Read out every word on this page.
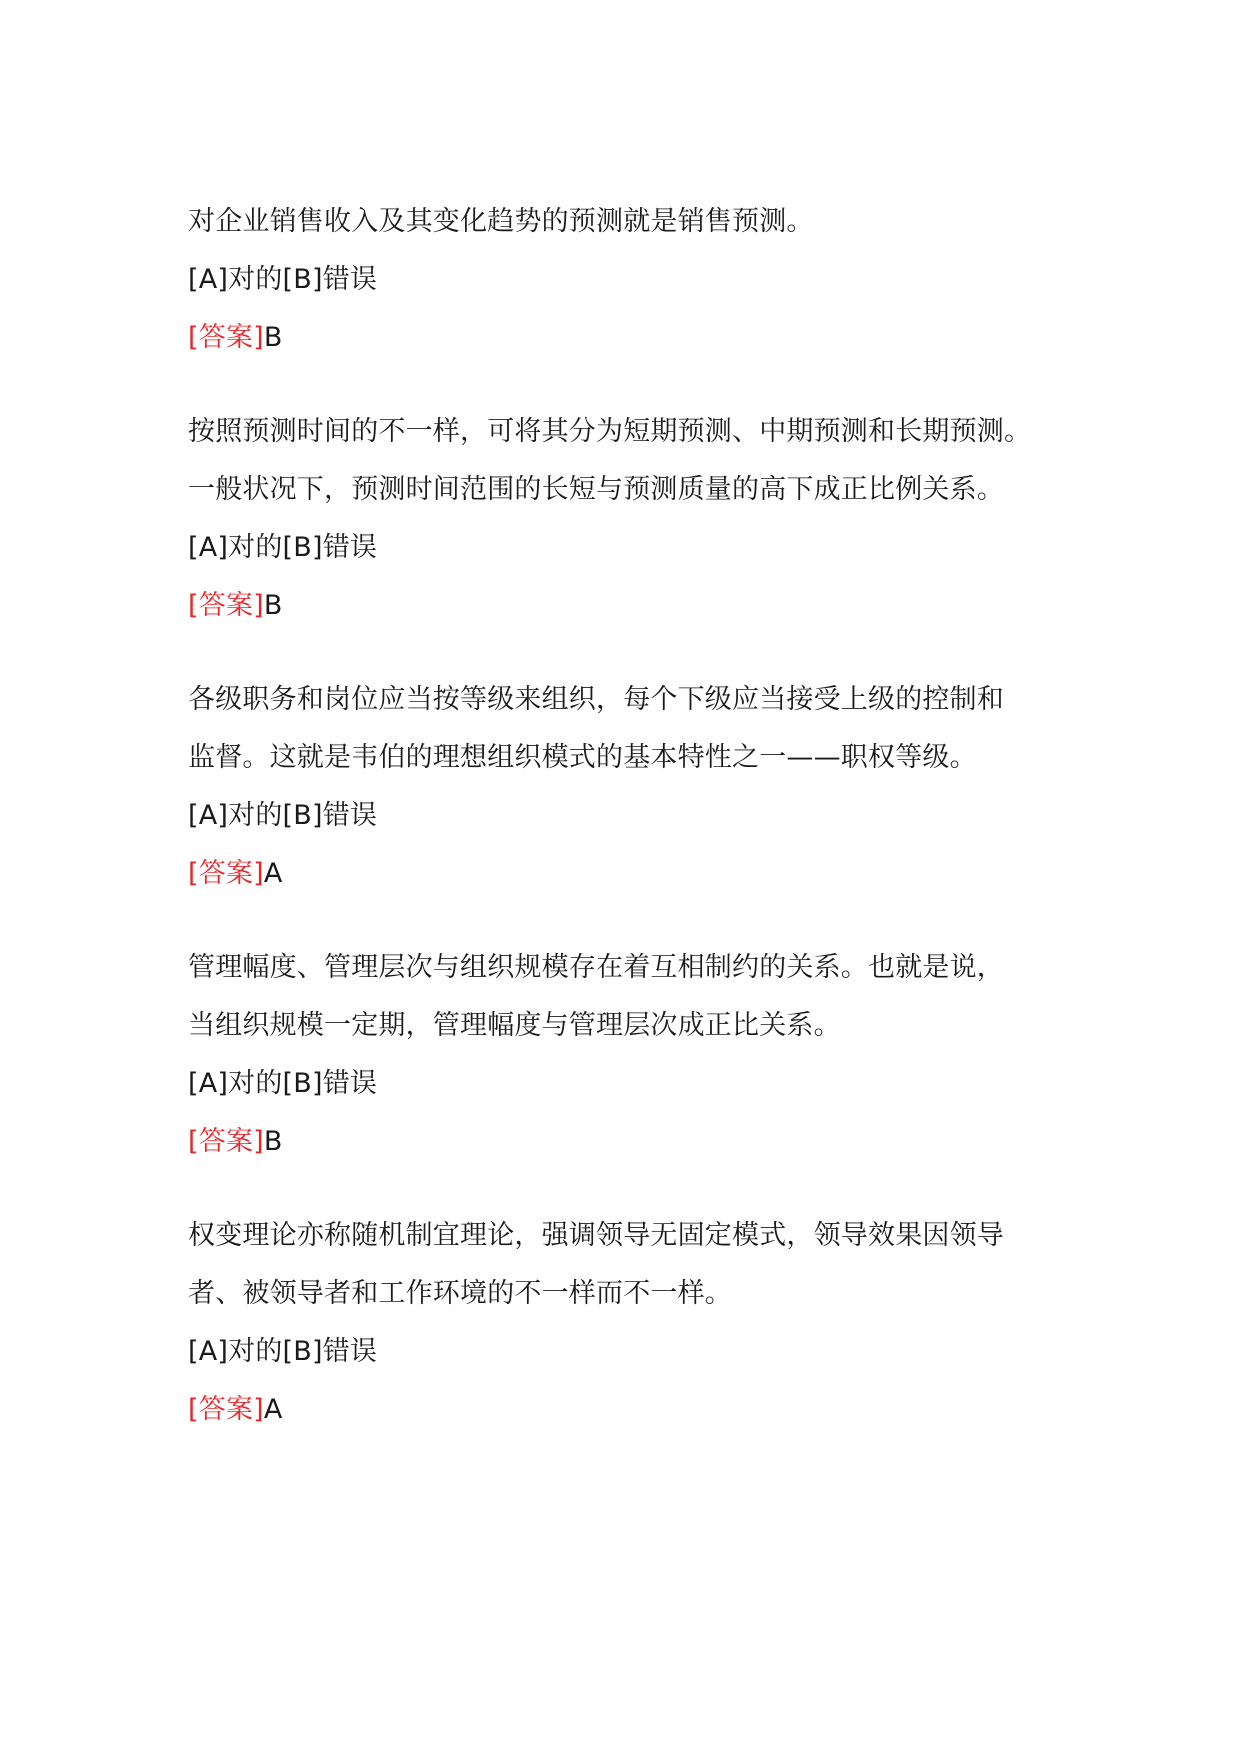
对企业销售收入及其变化趋势的预测就是销售预测。
[A]对的[B]错误
[答案]B
按照预测时间的不一样，可将其分为短期预测、中期预测和长期预测。
一般状况下，预测时间范围的长短与预测质量的高下成正比例关系。
[A]对的[B]错误
[答案]B
各级职务和岗位应当按等级来组织，每个下级应当接受上级的控制和
监督。这就是韦伯的理想组织模式的基本特性之一——职权等级。
[A]对的[B]错误
[答案]A
管理幅度、管理层次与组织规模存在着互相制约的关系。也就是说，
当组织规模一定期，管理幅度与管理层次成正比关系。
[A]对的[B]错误
[答案]B
权变理论亦称随机制宜理论，强调领导无固定模式，领导效果因领导
者、被领导者和工作环境的不一样而不一样。
[A]对的[B]错误
[答案]A
